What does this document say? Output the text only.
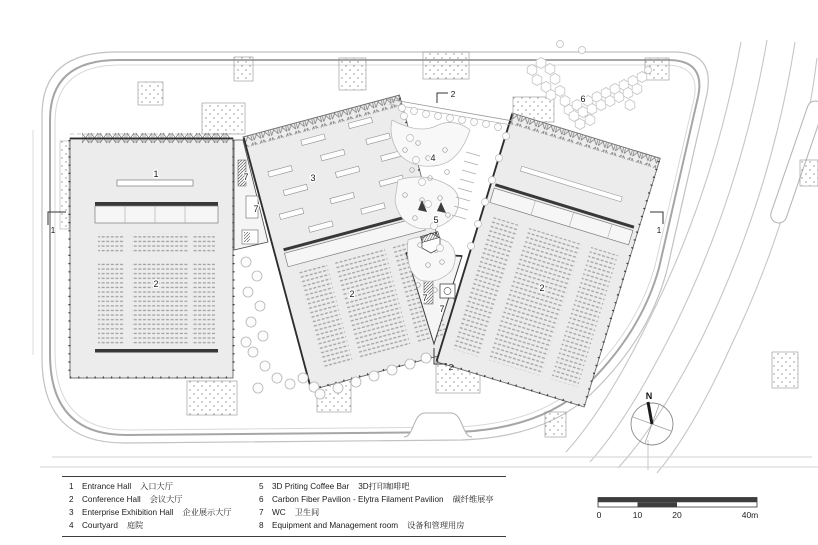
1	1
2
2
1
2
3
2
2
4
5
6
7
7
7
7
N
0	10	20	40m
1 Entrance Hall 入口大厅
2 Conference Hall 会议大厅
3 Enterprise Exhibition Hall 企业展示大厅
4 Courtyard 庭院
5 3D Priting Coffee Bar 3D打印咖啡吧
6 Carbon Fiber Pavilion - Elytra Filament Pavilion 碳纤维展亭
7 WC 卫生间
8 Equipment and Management room 设备和管理用房
